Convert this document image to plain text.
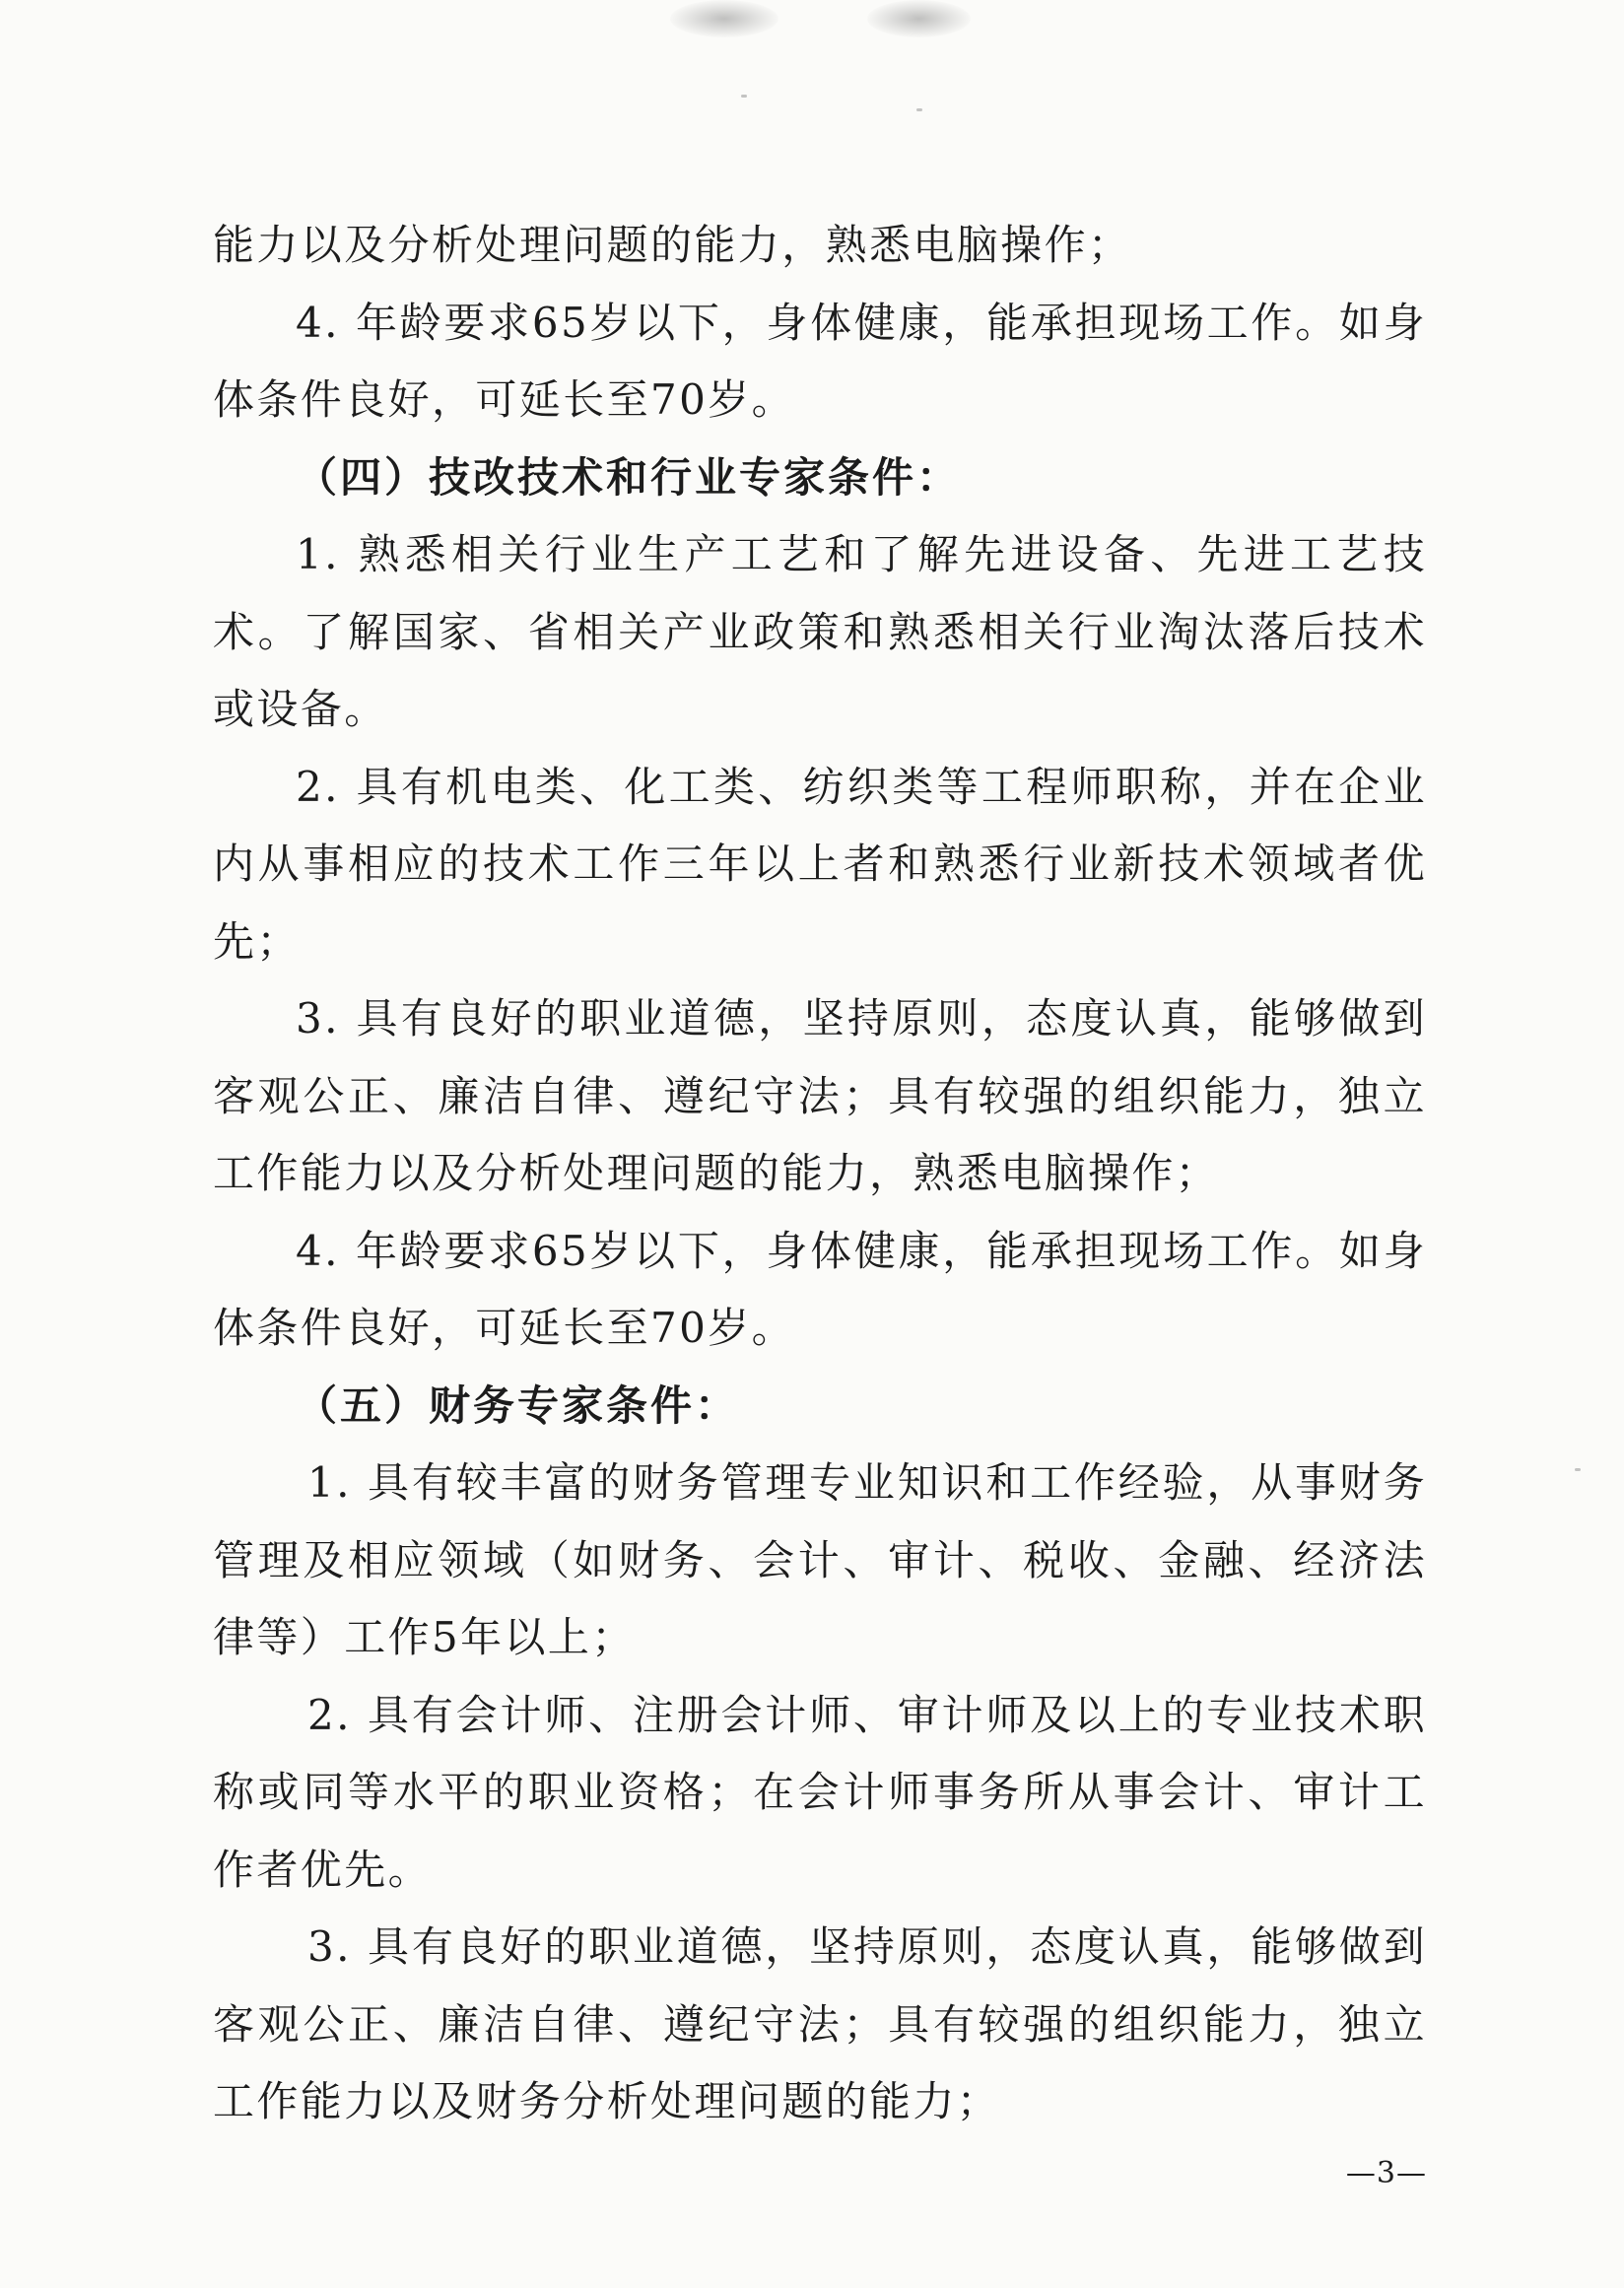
能力以及分析处理问题的能力，熟悉电脑操作；

4. 年龄要求65岁以下，身体健康，能承担现场工作。如身体条件良好，可延长至70岁。

（四）技改技术和行业专家条件：

1. 熟悉相关行业生产工艺和了解先进设备、先进工艺技术。了解国家、省相关产业政策和熟悉相关行业淘汰落后技术或设备。

2. 具有机电类、化工类、纺织类等工程师职称，并在企业内从事相应的技术工作三年以上者和熟悉行业新技术领域者优先；

3. 具有良好的职业道德，坚持原则，态度认真，能够做到客观公正、廉洁自律、遵纪守法；具有较强的组织能力，独立工作能力以及分析处理问题的能力，熟悉电脑操作；

4. 年龄要求65岁以下，身体健康，能承担现场工作。如身体条件良好，可延长至70岁。

（五）财务专家条件：

1. 具有较丰富的财务管理专业知识和工作经验，从事财务管理及相应领域（如财务、会计、审计、税收、金融、经济法律等）工作5年以上；

2. 具有会计师、注册会计师、审计师及以上的专业技术职称或同等水平的职业资格；在会计师事务所从事会计、审计工作者优先。

3. 具有良好的职业道德，坚持原则，态度认真，能够做到客观公正、廉洁自律、遵纪守法；具有较强的组织能力，独立工作能力以及财务分析处理问题的能力；

—3—
